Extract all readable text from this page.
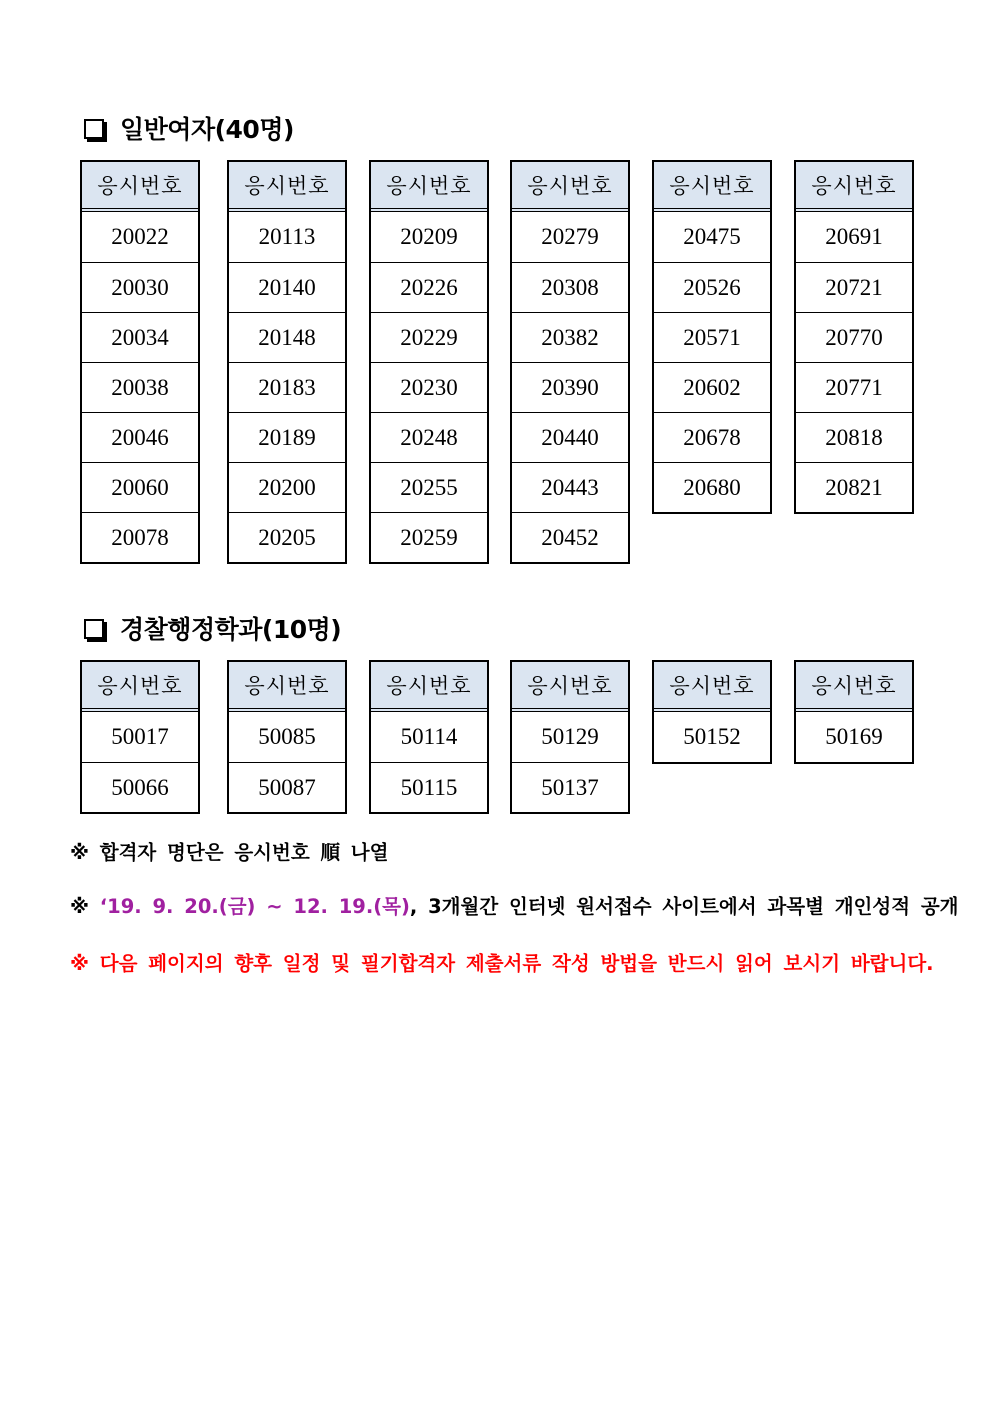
일반여자(40명)
응시번호
20022
20030
20034
20038
20046
20060
20078
응시번호
20113
20140
20148
20183
20189
20200
20205
응시번호
20209
20226
20229
20230
20248
20255
20259
응시번호
20279
20308
20382
20390
20440
20443
20452
응시번호
20475
20526
20571
20602
20678
20680
응시번호
20691
20721
20770
20771
20818
20821
경찰행정학과(10명)
응시번호
50017
50066
응시번호
50085
50087
응시번호
50114
50115
응시번호
50129
50137
응시번호
50152
응시번호
50169
※ 합격자 명단은 응시번호 順 나열
※ ‘19. 9. 20.(금) ~ 12. 19.(목), 3개월간 인터넷 원서접수 사이트에서 과목별 개인성적 공개
※ 다음 페이지의 향후 일정 및 필기합격자 제출서류 작성 방법을 반드시 읽어 보시기 바랍니다.
